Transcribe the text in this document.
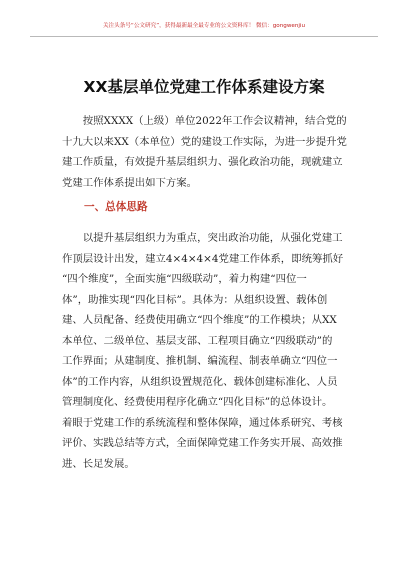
关注头条号“公文研究”，获得最新最全最专业的公文资料库！ 微信：gongwenjiu
XX基层单位党建工作体系建设方案
　　按照XXXX（上级）单位2022年工作会议精神，结合党的
十九大以来XX（本单位）党的建设工作实际，为进一步提升党
建工作质量，有效提升基层组织力、强化政治功能，现就建立
党建工作体系提出如下方案。
一、总体思路
　　以提升基层组织力为重点，突出政治功能，从强化党建工
作顶层设计出发，建立4×4×4×4党建工作体系，即统筹抓好
“四个维度”，全面实施“四级联动”，着力构建“四位一
体”，助推实现“四化目标”。具体为：从组织设置、载体创
建、人员配备、经费使用确立“四个维度”的工作模块；从XX
本单位、二级单位、基层支部、工程项目确立“四级联动”的
工作界面；从建制度、推机制、编流程、制表单确立“四位一
体”的工作内容，从组织设置规范化、载体创建标准化、人员
管理制度化、经费使用程序化确立“四化目标”的总体设计。
着眼于党建工作的系统流程和整体保障，通过体系研究、考核
评价、实践总结等方式，全面保障党建工作务实开展、高效推
进、长足发展。
